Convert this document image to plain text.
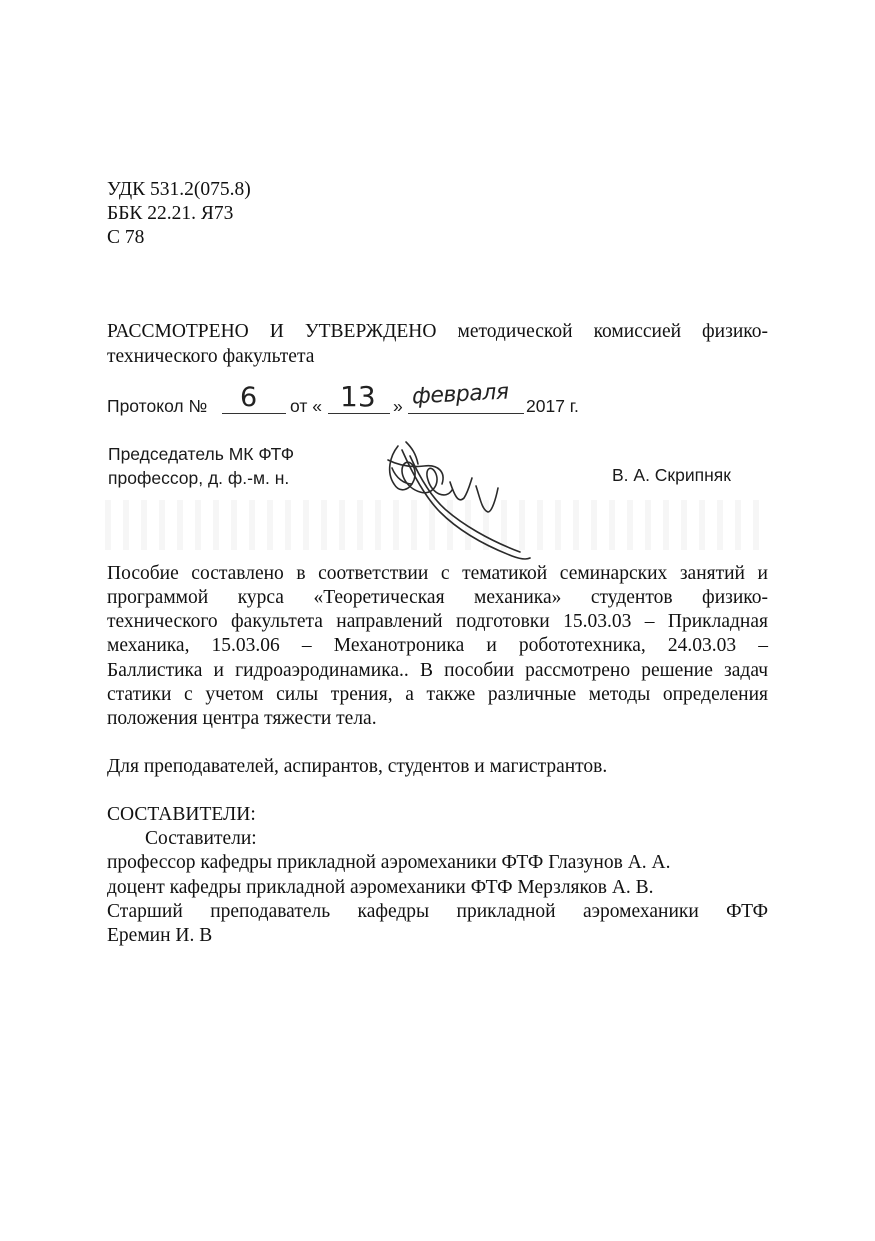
УДК 531.2(075.8)
ББК 22.21. Я73
С 78
РАССМОТРЕНО И УТВЕРЖДЕНО методической комиссией физико-
технического факультета
Протокол № 6 от « 13 » февраля 2017 г.
Председатель МК ФТФ
профессор, д. ф.-м. н.	В. А. Скрипняк
Пособие составлено в соответствии с тематикой семинарских занятий и
программой курса «Теоретическая механика» студентов физико-
технического факультета направлений подготовки 15.03.03 – Прикладная
механика, 15.03.06 – Механотроника и робототехника, 24.03.03 –
Баллистика и гидроаэродинамика.. В пособии рассмотрено решение задач
статики с учетом силы трения, а также различные методы определения
положения центра тяжести тела.
Для преподавателей, аспирантов, студентов и магистрантов.
СОСТАВИТЕЛИ:
Составители:
профессор кафедры прикладной аэромеханики ФТФ Глазунов А. А.
доцент кафедры прикладной аэромеханики ФТФ Мерзляков А. В.
Старший преподаватель кафедры прикладной аэромеханики ФТФ
Еремин И. В
